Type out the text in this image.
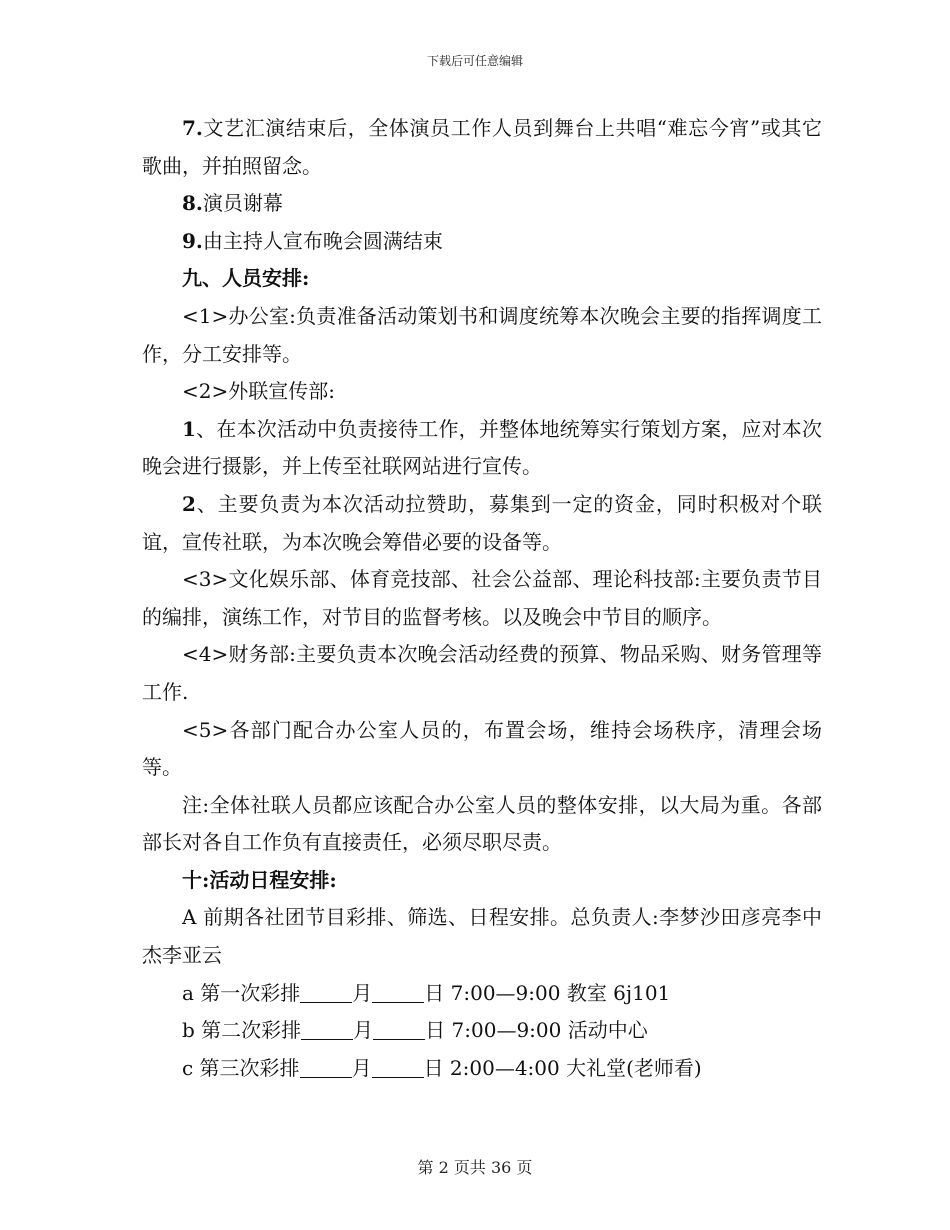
下载后可任意编辑

7.文艺汇演结束后，全体演员工作人员到舞台上共唱“难忘今宵”或其它歌曲，并拍照留念。

8.演员谢幕

9.由主持人宣布晚会圆满结束

九、人员安排:

<1>办公室:负责准备活动策划书和调度统筹本次晚会主要的指挥调度工作，分工安排等。

<2>外联宣传部:

1、在本次活动中负责接待工作，并整体地统筹实行策划方案，应对本次晚会进行摄影，并上传至社联网站进行宣传。

2、主要负责为本次活动拉赞助，募集到一定的资金，同时积极对个联谊，宣传社联，为本次晚会筹借必要的设备等。

<3>文化娱乐部、体育竞技部、社会公益部、理论科技部:主要负责节目的编排，演练工作，对节目的监督考核。以及晚会中节目的顺序。

<4>财务部:主要负责本次晚会活动经费的预算、物品采购、财务管理等工作.

<5>各部门配合办公室人员的，布置会场，维持会场秩序，清理会场等。

注:全体社联人员都应该配合办公室人员的整体安排，以大局为重。各部部长对各自工作负有直接责任，必须尽职尽责。

十:活动日程安排:

A 前期各社团节目彩排、筛选、日程安排。总负责人:李梦沙田彦亮李中杰李亚云

a 第一次彩排	月	日 7:00—9:00 教室 6j101

b 第二次彩排	月	日 7:00—9:00 活动中心

c 第三次彩排	月	日 2:00—4:00 大礼堂(老师看)

第 2 页共 36 页
